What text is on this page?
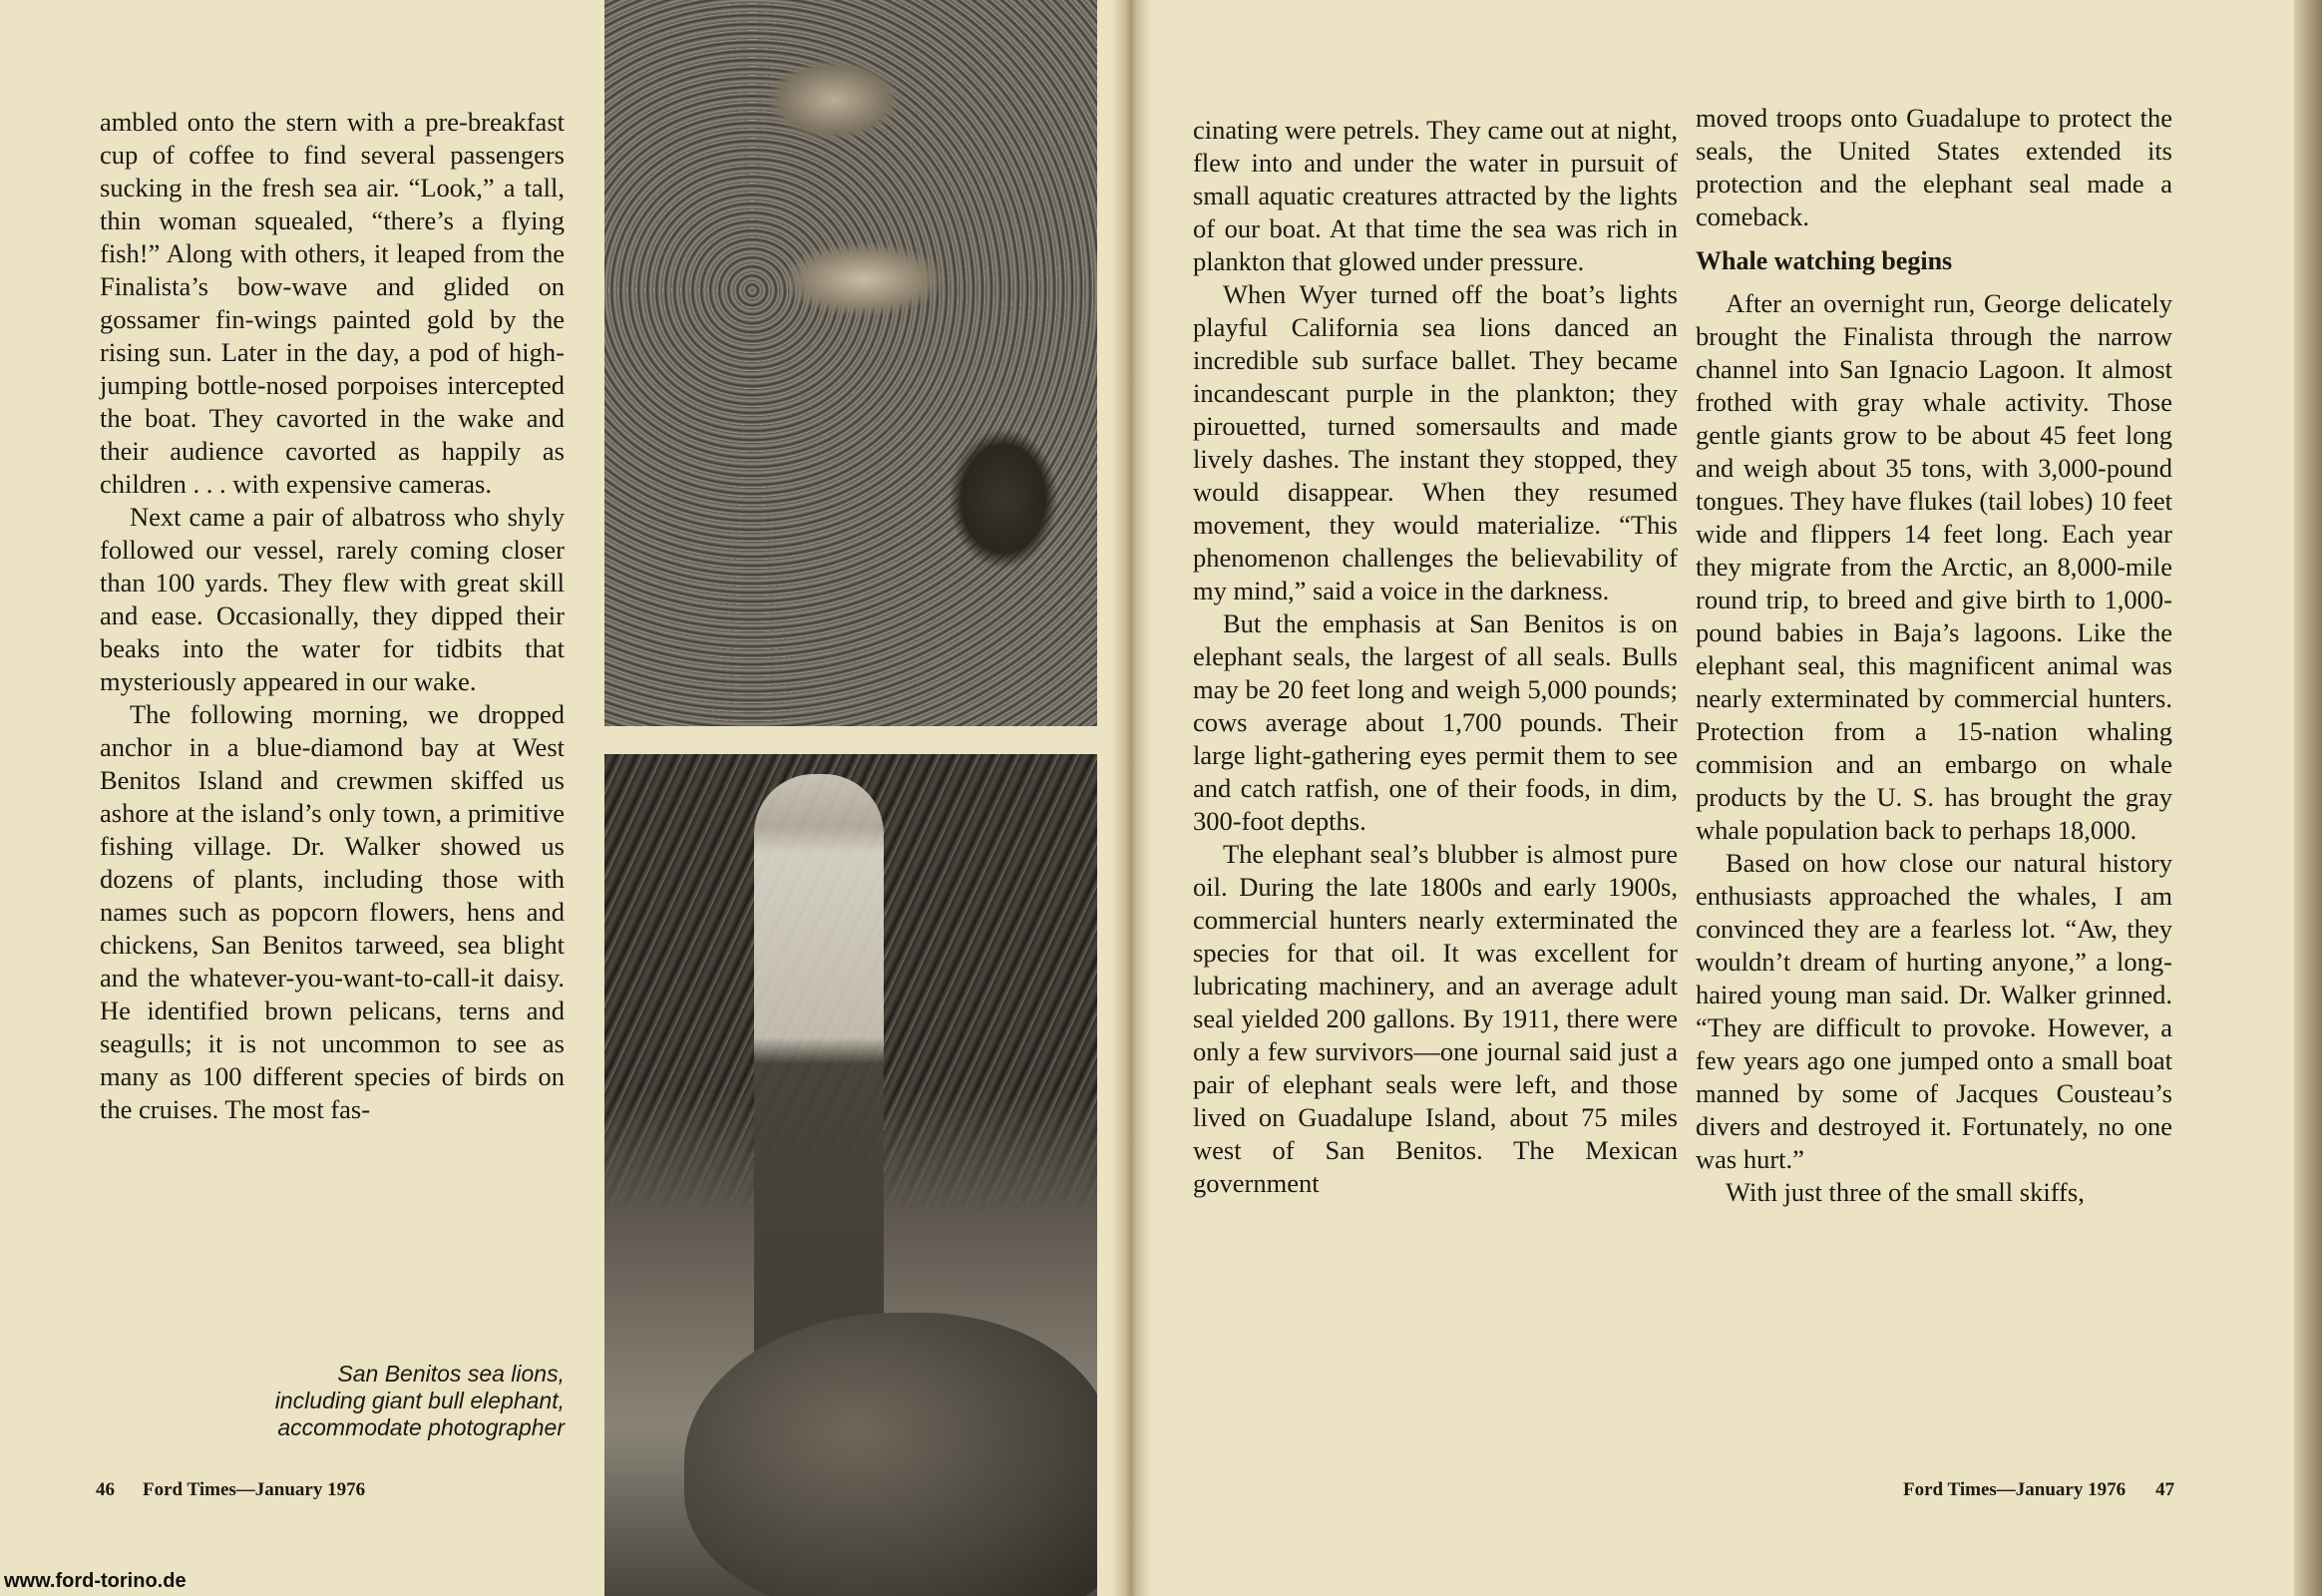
ambled onto the stern with a pre-breakfast cup of coffee to find several passengers sucking in the fresh sea air. “Look,” a tall, thin woman squealed, “there’s a flying fish!” Along with others, it leaped from the Finalista’s bow-wave and glided on gossamer fin-wings painted gold by the rising sun. Later in the day, a pod of high-jumping bottle-nosed porpoises intercepted the boat. They cavorted in the wake and their audience cavorted as happily as children . . . with expensive cameras.

Next came a pair of albatross who shyly followed our vessel, rarely coming closer than 100 yards. They flew with great skill and ease. Occasionally, they dipped their beaks into the water for tidbits that mysteriously appeared in our wake.

The following morning, we dropped anchor in a blue-diamond bay at West Benitos Island and crewmen skiffed us ashore at the island’s only town, a primitive fishing village. Dr. Walker showed us dozens of plants, including those with names such as popcorn flowers, hens and chickens, San Benitos tarweed, sea blight and the whatever-you-want-to-call-it daisy. He identified brown pelicans, terns and seagulls; it is not uncommon to see as many as 100 different species of birds on the cruises. The most fas-

San Benitos sea lions,
including giant bull elephant,
accommodate photographer
46 Ford Times—January 1976

cinating were petrels. They came out at night, flew into and under the water in pursuit of small aquatic creatures attracted by the lights of our boat. At that time the sea was rich in plankton that glowed under pressure.

When Wyer turned off the boat’s lights playful California sea lions danced an incredible sub surface ballet. They became incandescant purple in the plankton; they pirouetted, turned somersaults and made lively dashes. The instant they stopped, they would disappear. When they resumed movement, they would materialize. “This phenomenon challenges the believability of my mind,” said a voice in the darkness.

But the emphasis at San Benitos is on elephant seals, the largest of all seals. Bulls may be 20 feet long and weigh 5,000 pounds; cows average about 1,700 pounds. Their large light-gathering eyes permit them to see and catch ratfish, one of their foods, in dim, 300-foot depths.

The elephant seal’s blubber is almost pure oil. During the late 1800s and early 1900s, commercial hunters nearly exterminated the species for that oil. It was excellent for lubricating machinery, and an average adult seal yielded 200 gallons. By 1911, there were only a few survivors—one journal said just a pair of elephant seals were left, and those lived on Guadalupe Island, about 75 miles west of San Benitos. The Mexican government

moved troops onto Guadalupe to protect the seals, the United States extended its protection and the elephant seal made a comeback.

Whale watching begins

After an overnight run, George delicately brought the Finalista through the narrow channel into San Ignacio Lagoon. It almost frothed with gray whale activity. Those gentle giants grow to be about 45 feet long and weigh about 35 tons, with 3,000-pound tongues. They have flukes (tail lobes) 10 feet wide and flippers 14 feet long. Each year they migrate from the Arctic, an 8,000-mile round trip, to breed and give birth to 1,000-pound babies in Baja’s lagoons. Like the elephant seal, this magnificent animal was nearly exterminated by commercial hunters. Protection from a 15-nation whaling commision and an embargo on whale products by the U. S. has brought the gray whale population back to perhaps 18,000.

Based on how close our natural history enthusiasts approached the whales, I am convinced they are a fearless lot. “Aw, they wouldn’t dream of hurting anyone,” a long-haired young man said. Dr. Walker grinned. “They are difficult to provoke. However, a few years ago one jumped onto a small boat manned by some of Jacques Cousteau’s divers and destroyed it. Fortunately, no one was hurt.”

With just three of the small skiffs,

Ford Times—January 1976 47
www.ford-torino.de
